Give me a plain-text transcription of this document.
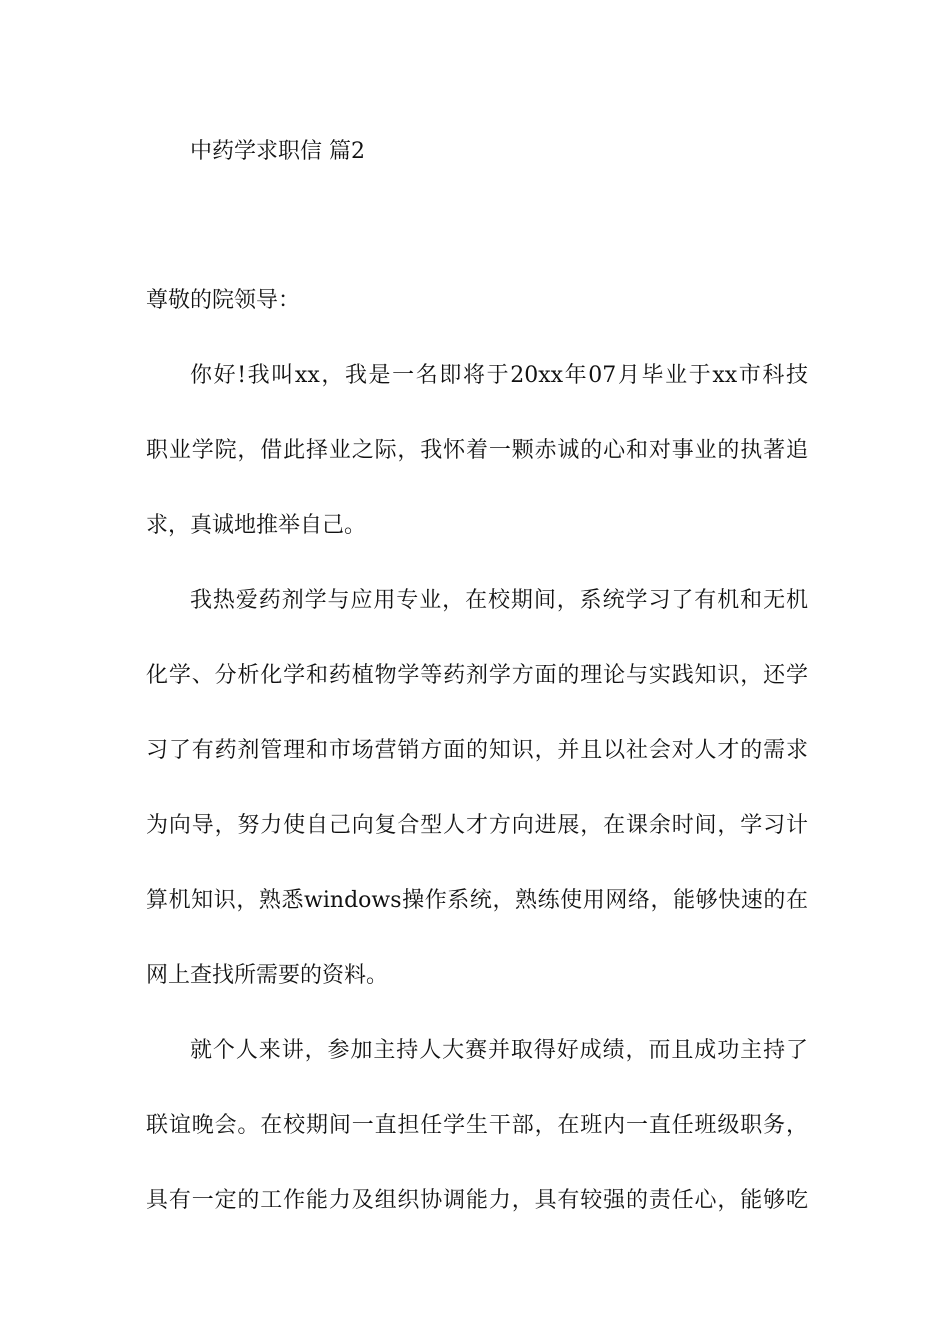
中药学求职信 篇2
尊敬的院领导：
你好!我叫xx，我是一名即将于20xx年07月毕业于xx市科技
职业学院，借此择业之际，我怀着一颗赤诚的心和对事业的执著追
求，真诚地推举自己。
我热爱药剂学与应用专业，在校期间，系统学习了有机和无机
化学、分析化学和药植物学等药剂学方面的理论与实践知识，还学
习了有药剂管理和市场营销方面的知识，并且以社会对人才的需求
为向导，努力使自己向复合型人才方向进展，在课余时间，学习计
算机知识，熟悉windows操作系统，熟练使用网络，能够快速的在
网上查找所需要的资料。
就个人来讲，参加主持人大赛并取得好成绩，而且成功主持了
联谊晚会。在校期间一直担任学生干部，在班内一直任班级职务，
具有一定的工作能力及组织协调能力，具有较强的责任心，能够吃
